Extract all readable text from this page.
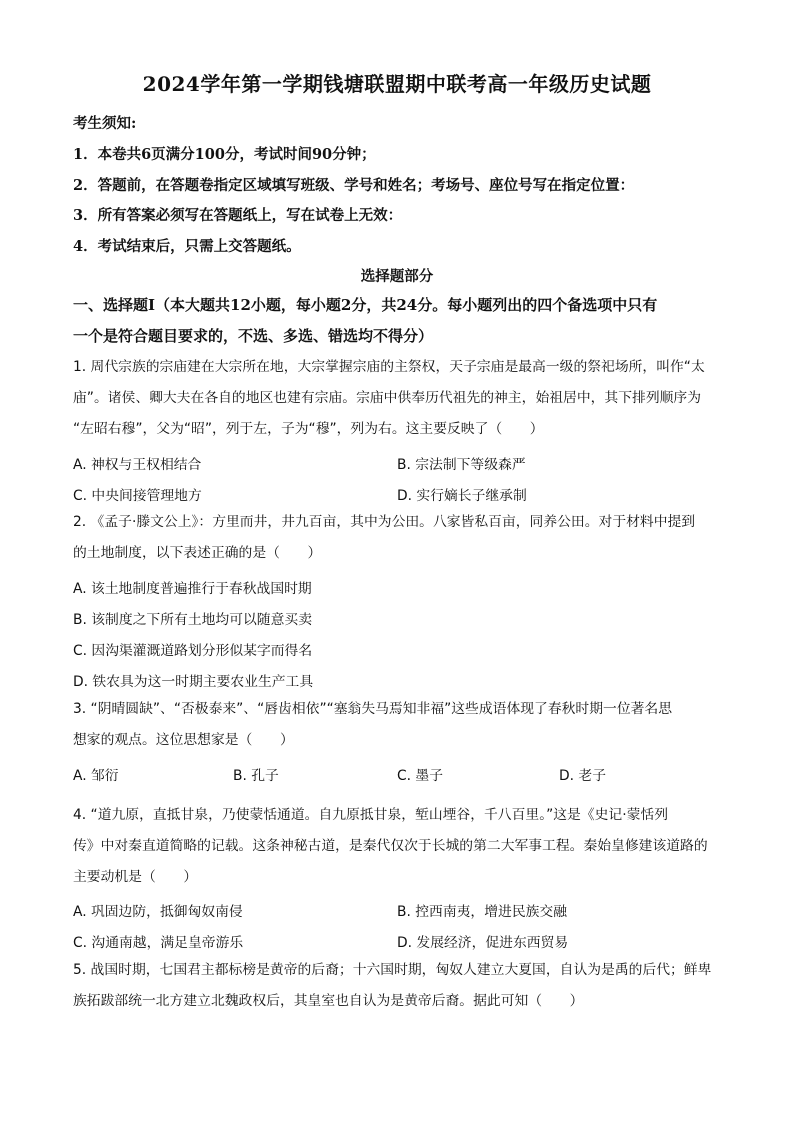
2024学年第一学期钱塘联盟期中联考高一年级历史试题
考生须知:
1．本卷共6页满分100分，考试时间90分钟；
2．答题前，在答题卷指定区域填写班级、学号和姓名；考场号、座位号写在指定位置：
3．所有答案必须写在答题纸上，写在试卷上无效：
4．考试结束后，只需上交答题纸。
选择题部分
一、选择题Ⅰ（本大题共12小题，每小题2分，共24分。每小题列出的四个备选项中只有
一个是符合题目要求的，不选、多选、错选均不得分）
1. 周代宗族的宗庙建在大宗所在地，大宗掌握宗庙的主祭权，天子宗庙是最高一级的祭祀场所，叫作“太
庙”。诸侯、卿大夫在各自的地区也建有宗庙。宗庙中供奉历代祖先的神主，始祖居中，其下排列顺序为
“左昭右穆”，父为“昭”，列于左，子为“穆”，列为右。这主要反映了（　　）
A. 神权与王权相结合	B. 宗法制下等级森严
C. 中央间接管理地方	D. 实行嫡长子继承制
2. 《孟子·滕文公上》：方里而井，井九百亩，其中为公田。八家皆私百亩，同养公田。对于材料中提到
的土地制度，以下表述正确的是（　　）
A. 该土地制度普遍推行于春秋战国时期
B. 该制度之下所有土地均可以随意买卖
C. 因沟渠灌溉道路划分形似某字而得名
D. 铁农具为这一时期主要农业生产工具
3. “阴晴圆缺”、“否极泰来”、“唇齿相依”“塞翁失马焉知非福”这些成语体现了春秋时期一位著名思
想家的观点。这位思想家是（　　）
A. 邹衍	B. 孔子	C. 墨子	D. 老子
4. “道九原，直抵甘泉，乃使蒙恬通道。自九原抵甘泉，堑山堙谷，千八百里。”这是《史记·蒙恬列
传》中对秦直道简略的记载。这条神秘古道，是秦代仅次于长城的第二大军事工程。秦始皇修建该道路的
主要动机是（　　）
A. 巩固边防，抵御匈奴南侵	B. 控西南夷，增进民族交融
C. 沟通南越，满足皇帝游乐	D. 发展经济，促进东西贸易
5. 战国时期，七国君主都标榜是黄帝的后裔；十六国时期，匈奴人建立大夏国，自认为是禹的后代；鲜卑
族拓跋部统一北方建立北魏政权后，其皇室也自认为是黄帝后裔。据此可知（　　）
